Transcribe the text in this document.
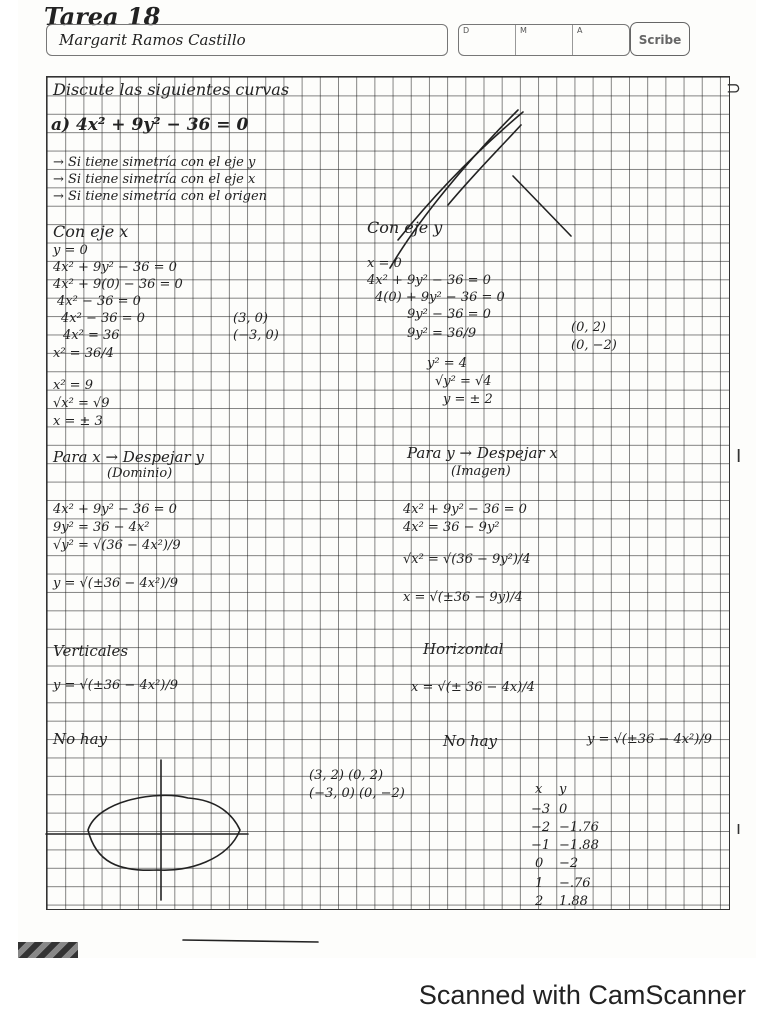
Tarea 18
Margarit Ramos Castillo
D	M	A
Scribe
Discute las siguientes curvas
a) 4x² + 9y² − 36 = 0
→ Si tiene simetría con el eje y
→ Si tiene simetría con el eje x
→ Si tiene simetría con el origen
Con eje x
y = 0
4x² + 9y² − 36 = 0
4x² + 9(0) − 36 = 0
4x² − 36 = 0
4x² − 36 = 0
4x² = 36
x² = 36/4
x² = 9
√x² = √9
x = ± 3
(3, 0)
(−3, 0)
Con eje y
x = 0
4x² + 9y² − 36 = 0
4(0) + 9y² − 36 = 0
9y² − 36 = 0
9y² = 36/9
y² = 4
√y² = √4
y = ± 2
(0, 2)
(0, −2)
Para x → Despejar y
(Dominio)
4x² + 9y² − 36 = 0
9y² = 36 − 4x²
√y² = √(36 − 4x²)/9
y = √(±36 − 4x²)/9
Para y → Despejar x
(Imagen)
4x² + 9y² − 36 = 0
4x² = 36 − 9y²
√x² = √(36 − 9y²)/4
x = √(±36 − 9y)/4
Verticales
y = √(±36 − 4x²)/9
No hay
Horizontal
x = √(± 36 − 4x)/4
No hay	y = √(±36 − 4x²)/9
(3, 2) (0, 2)
(−3, 0) (0, −2)	x y
−3 0
−2 −1.76
−1 −1.88
0 −2
1 −.76
2 1.88
⊃
I
ı
Scanned with CamScanner
